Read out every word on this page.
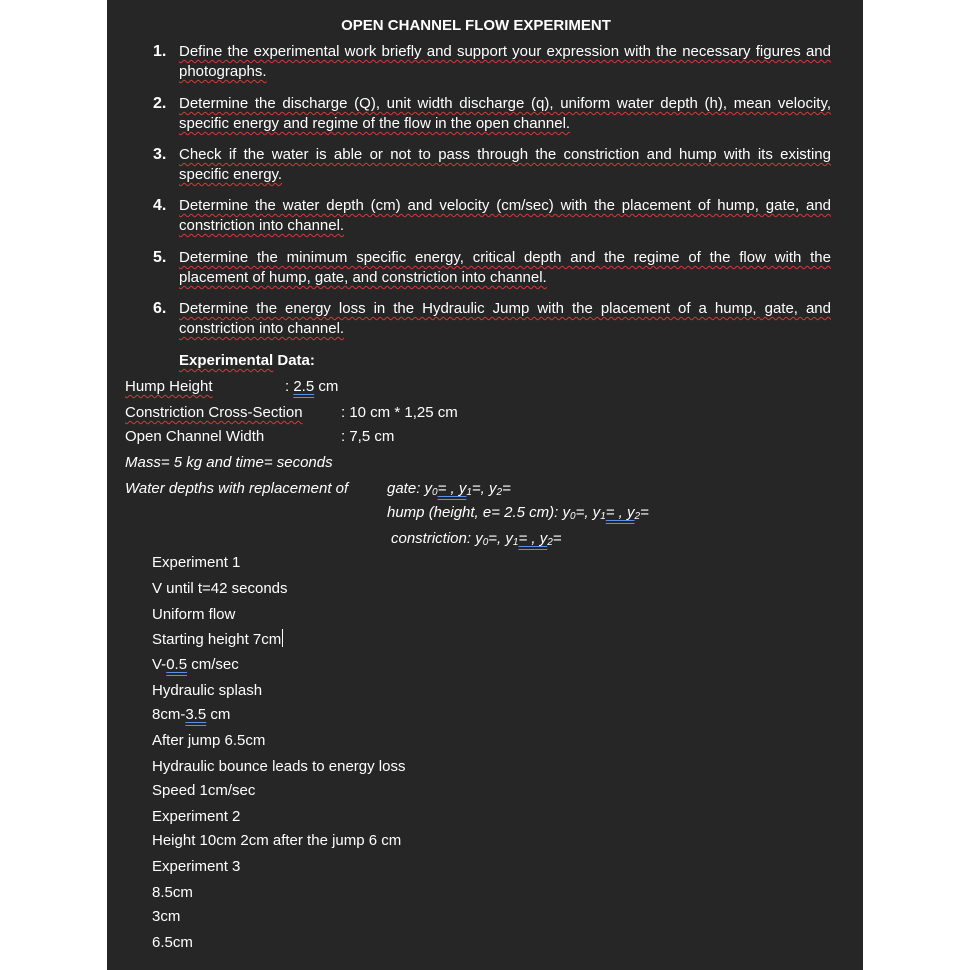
OPEN CHANNEL FLOW EXPERIMENT
1. Define the experimental work briefly and support your expression with the necessary figures and photographs.
2. Determine the discharge (Q), unit width discharge (q), uniform water depth (h), mean velocity, specific energy and regime of the flow in the open channel.
3. Check if the water is able or not to pass through the constriction and hump with its existing specific energy.
4. Determine the water depth (cm) and velocity (cm/sec) with the placement of hump, gate, and constriction into channel.
5. Determine the minimum specific energy, critical depth and the regime of the flow with the placement of hump, gate, and constriction into channel.
6. Determine the energy loss in the Hydraulic Jump with the placement of a hump, gate, and constriction into channel.
Experimental Data:
Hump Height	: 2.5 cm
Constriction Cross-Section	: 10 cm * 1,25 cm
Open Channel Width	: 7,5 cm
Mass= 5 kg and time= seconds
Water depths with replacement of	gate: $y_0=$ , $y_1=$, $y_2=$
hump (height, e= 2.5 cm): $y_0=$, $y_1=$ , $y_2=$
constriction: $y_0=$, $y_1=$ , $y_2=$
Experiment 1
V until t=42 seconds
Uniform flow
Starting height 7cm
V-0.5 cm/sec
Hydraulic splash
8cm-3.5 cm
After jump 6.5cm
Hydraulic bounce leads to energy loss
Speed 1cm/sec
Experiment 2
Height 10cm 2cm after the jump 6 cm
Experiment 3
8.5cm
3cm
6.5cm
